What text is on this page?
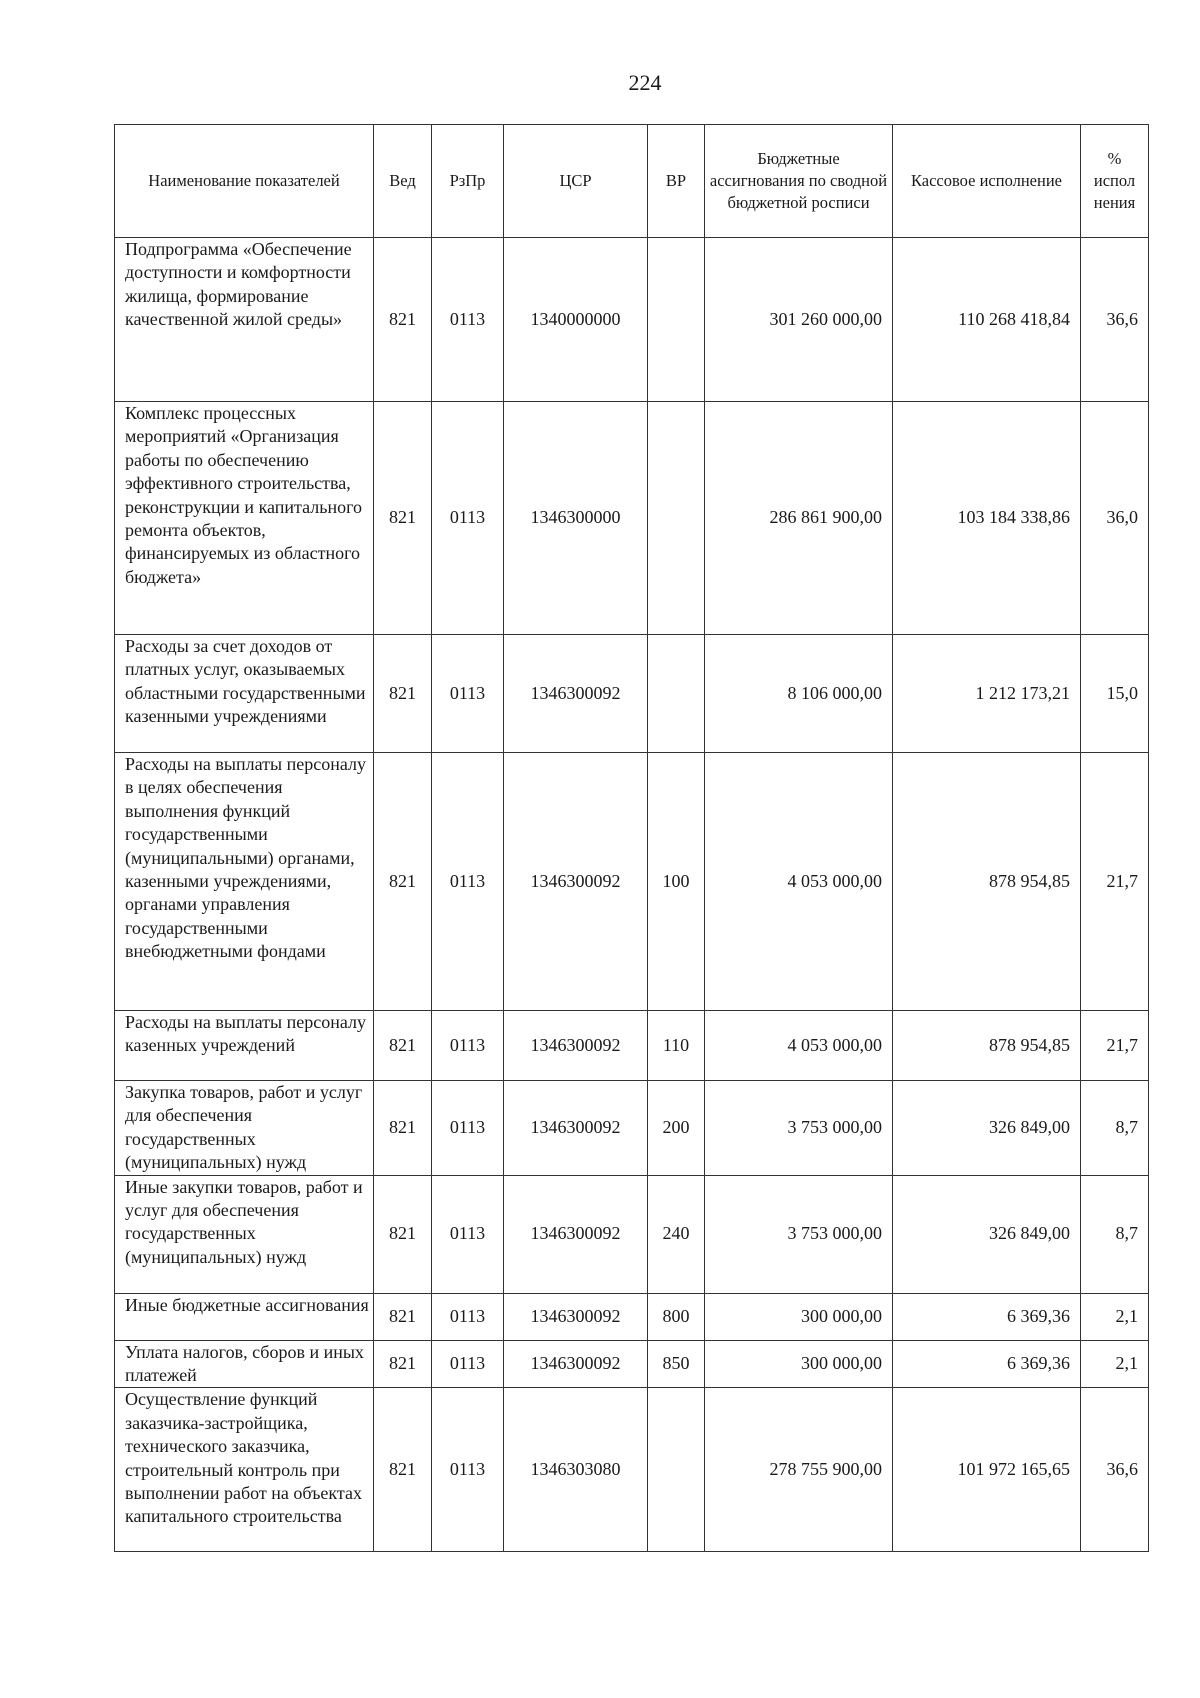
224
Наименование показателей	Вед	РзПр	ЦСР	ВР	Бюджетные ассигнования по сводной бюджетной росписи	Кассовое исполнение	% испол нения
Подпрограмма «Обеспечение доступности и комфортности жилища, формирование качественной жилой среды»	821	0113	1340000000		301 260 000,00	110 268 418,84	36,6
Комплекс процессных мероприятий «Организация работы по обеспечению эффективного строительства, реконструкции и капитального ремонта объектов, финансируемых из областного бюджета»	821	0113	1346300000		286 861 900,00	103 184 338,86	36,0
Расходы за счет доходов от платных услуг, оказываемых областными государственными казенными учреждениями	821	0113	1346300092		8 106 000,00	1 212 173,21	15,0
Расходы на выплаты персоналу в целях обеспечения выполнения функций государственными (муниципальными) органами, казенными учреждениями, органами управления государственными внебюджетными фондами	821	0113	1346300092	100	4 053 000,00	878 954,85	21,7
Расходы на выплаты персоналу казенных учреждений	821	0113	1346300092	110	4 053 000,00	878 954,85	21,7
Закупка товаров, работ и услуг для обеспечения государственных (муниципальных) нужд	821	0113	1346300092	200	3 753 000,00	326 849,00	8,7
Иные закупки товаров, работ и услуг для обеспечения государственных (муниципальных) нужд	821	0113	1346300092	240	3 753 000,00	326 849,00	8,7
Иные бюджетные ассигнования	821	0113	1346300092	800	300 000,00	6 369,36	2,1
Уплата налогов, сборов и иных платежей	821	0113	1346300092	850	300 000,00	6 369,36	2,1
Осуществление функций заказчика-застройщика, технического заказчика, строительный контроль при выполнении работ на объектах капитального строительства	821	0113	1346303080		278 755 900,00	101 972 165,65	36,6
